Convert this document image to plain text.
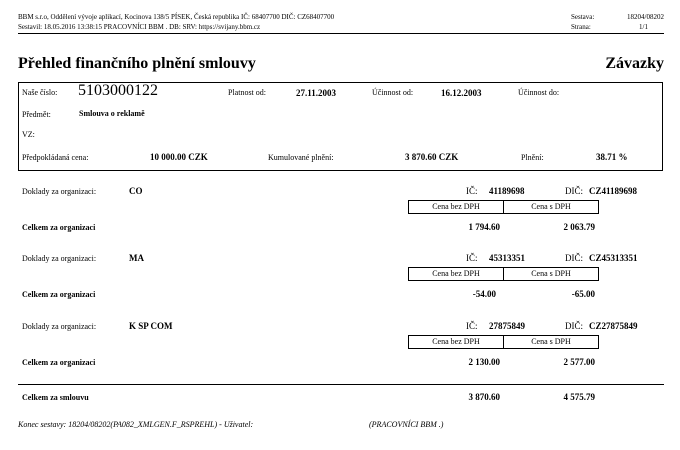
BBM s.r.o, Oddělení vývoje aplikací, Kocinova 138/5 PÍSEK, Česká republika IČ: 68407700 DIČ: CZ68407700
Sestavil: 18.05.2016 13:38:15 PRACOVNÍCI BBM . DB: SRV: https://svijany.bbm.cz
Sestava:	18204/08202
Strana:	1/1
Přehled finančního plnění smlouvy	Závazky
Naše číslo: 5103000122	Platnost od:	27.11.2003	Účinnost od:	16.12.2003	Účinnost do:
Předmět:	Smlouva o reklamě
VZ:
Předpokládaná cena:	10 000.00 CZK	Kumulované plnění:	3 870.60 CZK	Plnění:	38.71 %
Doklady za organizaci:	CO	IČ: 41189698	DIČ: CZ41189698
Cena bez DPH	Cena s DPH
Celkem za organizaci	1 794.60	2 063.79
Doklady za organizaci:	MA	IČ: 45313351	DIČ: CZ45313351
Cena bez DPH	Cena s DPH
Celkem za organizaci	-54.00	-65.00
Doklady za organizaci:	K SP COM	IČ: 27875849	DIČ: CZ27875849
Cena bez DPH	Cena s DPH
Celkem za organizaci	2 130.00	2 577.00
Celkem za smlouvu	3 870.60	4 575.79
Konec sestavy: 18204/08202(PA082_XMLGEN.F_RSPREHL) - Uživatel:	(PRACOVNÍCI BBM .)
